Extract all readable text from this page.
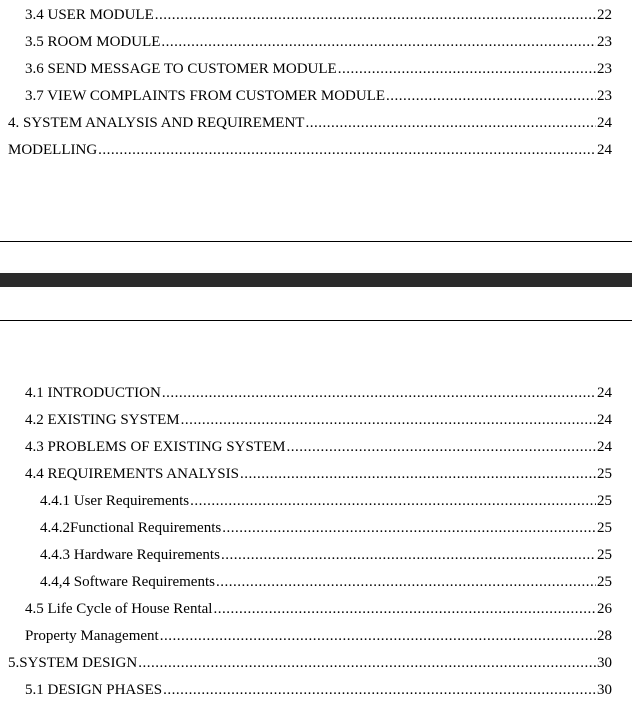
3.4 USER MODULE .....	22
3.5 ROOM MODULE .....	23
3.6 SEND MESSAGE TO CUSTOMER MODULE .....	23
3.7 VIEW COMPLAINTS FROM CUSTOMER MODULE .....	23
4. SYSTEM ANALYSIS AND REQUIREMENT .....	24
MODELLING .....	24
4.1 INTRODUCTION .....	24
4.2 EXISTING SYSTEM .....	24
4.3 PROBLEMS OF EXISTING SYSTEM .....	24
4.4 REQUIREMENTS ANALYSIS .....	25
4.4.1 User Requirements .....	25
4.4.2Functional Requirements .....	25
4.4.3 Hardware Requirements .....	25
4.4,4 Software Requirements .....	25
4.5 Life Cycle of House Rental .....	26
Property Management .....	28
5.SYSTEM DESIGN .....	30
5.1 DESIGN PHASES .....	30
